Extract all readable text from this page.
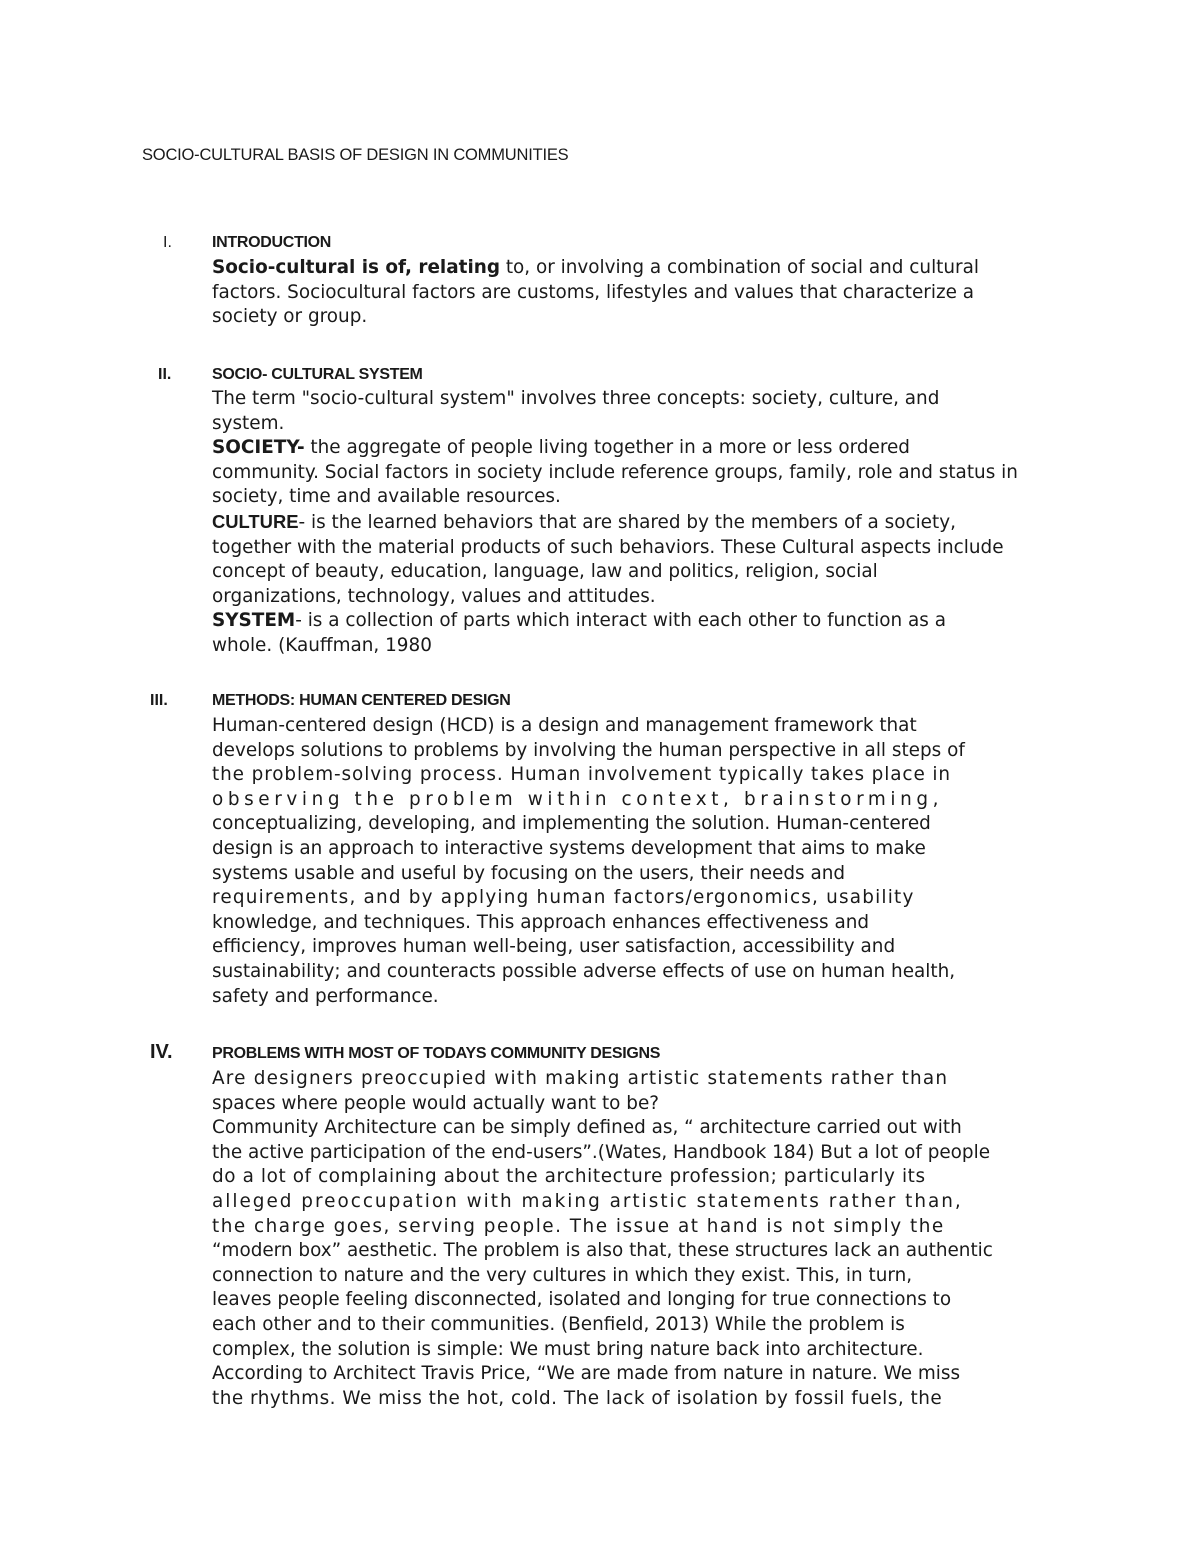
SOCIO-CULTURAL BASIS OF DESIGN IN COMMUNITIES
I.	INTRODUCTION
Socio-cultural is of, relating to, or involving a combination of social and cultural
factors. Sociocultural factors are customs, lifestyles and values that characterize a
society or group.
II.	SOCIO- CULTURAL SYSTEM
The term "socio-cultural system" involves three concepts: society, culture, and
system.
SOCIETY- the aggregate of people living together in a more or less ordered
community. Social factors in society include reference groups, family, role and status in
society, time and available resources.
CULTURE- is the learned behaviors that are shared by the members of a society,
together with the material products of such behaviors. These Cultural aspects include
concept of beauty, education, language, law and politics, religion, social
organizations, technology, values and attitudes.
SYSTEM- is a collection of parts which interact with each other to function as a
whole. (Kauffman, 1980
III.	METHODS: HUMAN CENTERED DESIGN
Human-centered design (HCD) is a design and management framework that
develops solutions to problems by involving the human perspective in all steps of
the problem-solving process. Human involvement typically takes place in
observing the problem within context, brainstorming,
conceptualizing, developing, and implementing the solution. Human-centered
design is an approach to interactive systems development that aims to make
systems usable and useful by focusing on the users, their needs and
requirements, and by applying human factors/ergonomics, usability
knowledge, and techniques. This approach enhances effectiveness and
efficiency, improves human well-being, user satisfaction, accessibility and
sustainability; and counteracts possible adverse effects of use on human health,
safety and performance.
IV. PROBLEMS WITH MOST OF TODAYS COMMUNITY DESIGNS
Are designers preoccupied with making artistic statements rather than
spaces where people would actually want to be?
Community Architecture can be simply defined as, “ architecture carried out with
the active participation of the end-users”.(Wates, Handbook 184) But a lot of people
do a lot of complaining about the architecture profession; particularly its
alleged preoccupation with making artistic statements rather than,
the charge goes, serving people. The issue at hand is not simply the
“modern box” aesthetic. The problem is also that, these structures lack an authentic
connection to nature and the very cultures in which they exist. This, in turn,
leaves people feeling disconnected, isolated and longing for true connections to
each other and to their communities. (Benfield, 2013) While the problem is
complex, the solution is simple: We must bring nature back into architecture.
According to Architect Travis Price, “We are made from nature in nature. We miss
the rhythms. We miss the hot, cold. The lack of isolation by fossil fuels, the
